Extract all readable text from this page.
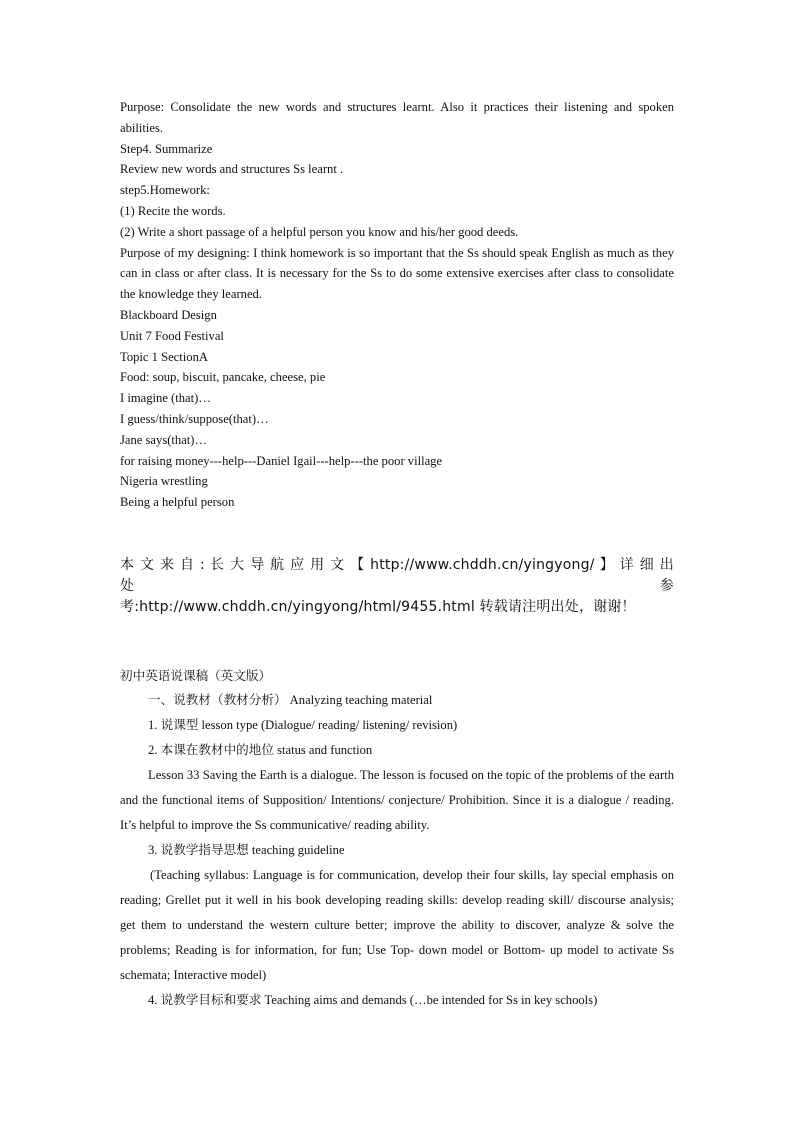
Purpose: Consolidate the new words and structures learnt. Also it practices their listening and spoken abilities.

Step4. Summarize

Review new words and structures Ss learnt .

step5.Homework:

(1) Recite the words.

(2) Write a short passage of a helpful person you know and his/her good deeds.

Purpose of my designing: I think homework is so important that the Ss should speak English as much as they can in class or after class. It is necessary for the Ss to do some extensive exercises after class to consolidate the knowledge they learned.

Blackboard Design

Unit 7 Food Festival

Topic 1 SectionA

Food: soup, biscuit, pancake, cheese, pie

I imagine (that)…

I guess/think/suppose(that)…

Jane says(that)…

for raising money---help---Daniel Igail---help---the poor village

Nigeria wrestling

Being a helpful person

本 文 来 自 : 长 大 导 航 应 用 文 【 http://www.chddh.cn/yingyong/ 】 详 细 出 处 参

考:http://www.chddh.cn/yingyong/html/9455.html 转载请注明出处，谢谢！

初中英语说课稿（英文版）

一、说教材（教材分析） Analyzing teaching material

1. 说课型 lesson type (Dialogue/ reading/ listening/ revision)

2. 本课在教材中的地位 status and function

Lesson 33 Saving the Earth is a dialogue. The lesson is focused on the topic of the problems of the earth and the functional items of Supposition/ Intentions/ conjecture/ Prohibition. Since it is a dialogue / reading. It’s helpful to improve the Ss communicative/ reading ability.

3. 说教学指导思想 teaching guideline

(Teaching syllabus: Language is for communication, develop their four skills, lay special emphasis on reading; Grellet put it well in his book developing reading skills: develop reading skill/ discourse analysis; get them to understand the western culture better; improve the ability to discover, analyze & solve the problems; Reading is for information, for fun; Use Top- down model or Bottom- up model to activate Ss schemata; Interactive model)

4. 说教学目标和要求 Teaching aims and demands (…be intended for Ss in key schools)
